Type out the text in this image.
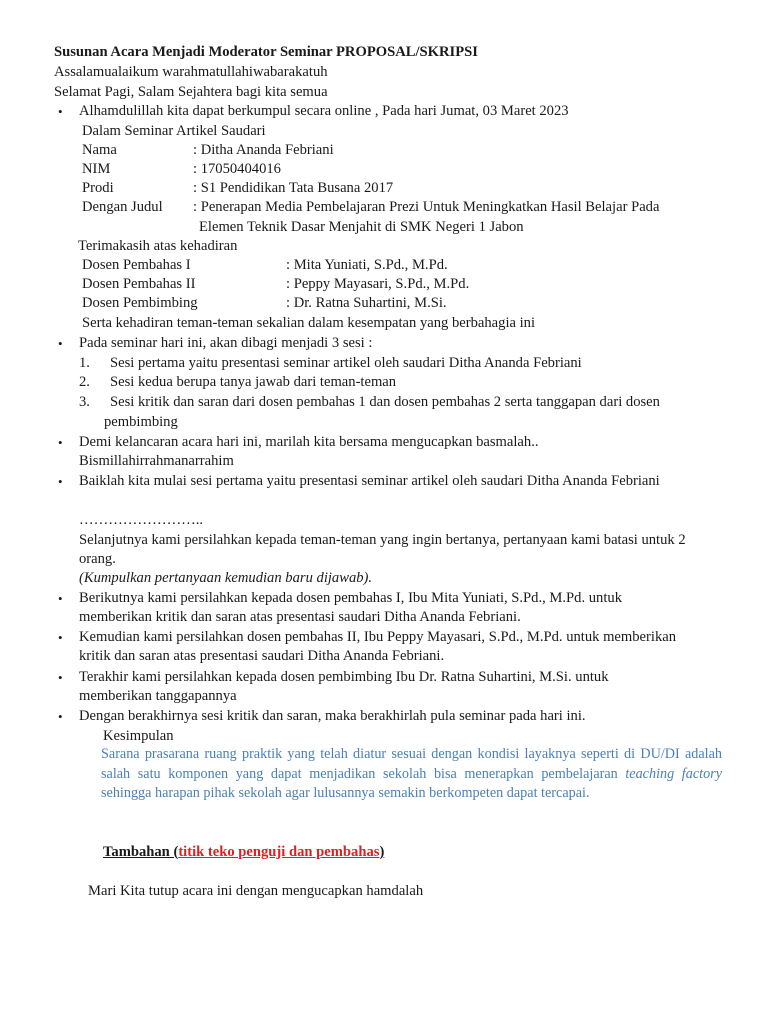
Susunan Acara Menjadi Moderator Seminar PROPOSAL/SKRIPSI
Assalamualaikum warahmatullahiwabarakatuh
Selamat Pagi, Salam Sejahtera bagi kita semua
• Alhamdulillah kita dapat berkumpul secara online , Pada hari Jumat, 03 Maret 2023
Dalam Seminar Artikel Saudari
Nama	: Ditha Ananda Febriani
NIM	: 17050404016
Prodi	: S1 Pendidikan Tata Busana 2017
Dengan Judul : Penerapan Media Pembelajaran Prezi Untuk Meningkatkan Hasil Belajar Pada
Elemen Teknik Dasar Menjahit di SMK Negeri 1 Jabon
Terimakasih atas kehadiran
Dosen Pembahas I	: Mita Yuniati, S.Pd., M.Pd.
Dosen Pembahas II	: Peppy Mayasari, S.Pd., M.Pd.
Dosen Pembimbing	: Dr. Ratna Suhartini, M.Si.
Serta kehadiran teman-teman sekalian dalam kesempatan yang berbahagia ini
• Pada seminar hari ini, akan dibagi menjadi 3 sesi :
1. Sesi pertama yaitu presentasi seminar artikel oleh saudari Ditha Ananda Febriani
2. Sesi kedua berupa tanya jawab dari teman-teman
3. Sesi kritik dan saran dari dosen pembahas 1 dan dosen pembahas 2 serta tanggapan dari dosen
pembimbing
• Demi kelancaran acara hari ini, marilah kita bersama mengucapkan basmalah..
Bismillahirrahmanarrahim
• Baiklah kita mulai sesi pertama yaitu presentasi seminar artikel oleh saudari Ditha Ananda Febriani
……………………..
Selanjutnya kami persilahkan kepada teman-teman yang ingin bertanya, pertanyaan kami batasi untuk 2
orang.
(Kumpulkan pertanyaan kemudian baru dijawab).
• Berikutnya kami persilahkan kepada dosen pembahas I, Ibu Mita Yuniati, S.Pd., M.Pd. untuk
memberikan kritik dan saran atas presentasi saudari Ditha Ananda Febriani.
• Kemudian kami persilahkan dosen pembahas II, Ibu Peppy Mayasari, S.Pd., M.Pd. untuk memberikan
kritik dan saran atas presentasi saudari Ditha Ananda Febriani.
• Terakhir kami persilahkan kepada dosen pembimbing Ibu Dr. Ratna Suhartini, M.Si. untuk
memberikan tanggapannya
• Dengan berakhirnya sesi kritik dan saran, maka berakhirlah pula seminar pada hari ini.
Kesimpulan
Sarana prasarana ruang praktik yang telah diatur sesuai dengan kondisi layaknya seperti di DU/DI adalah salah satu komponen yang dapat menjadikan sekolah bisa menerapkan pembelajaran teaching factory sehingga harapan pihak sekolah agar lulusannya semakin berkompeten dapat tercapai.
Tambahan (titik teko penguji dan pembahas)
Mari Kita tutup acara ini dengan mengucapkan hamdalah
